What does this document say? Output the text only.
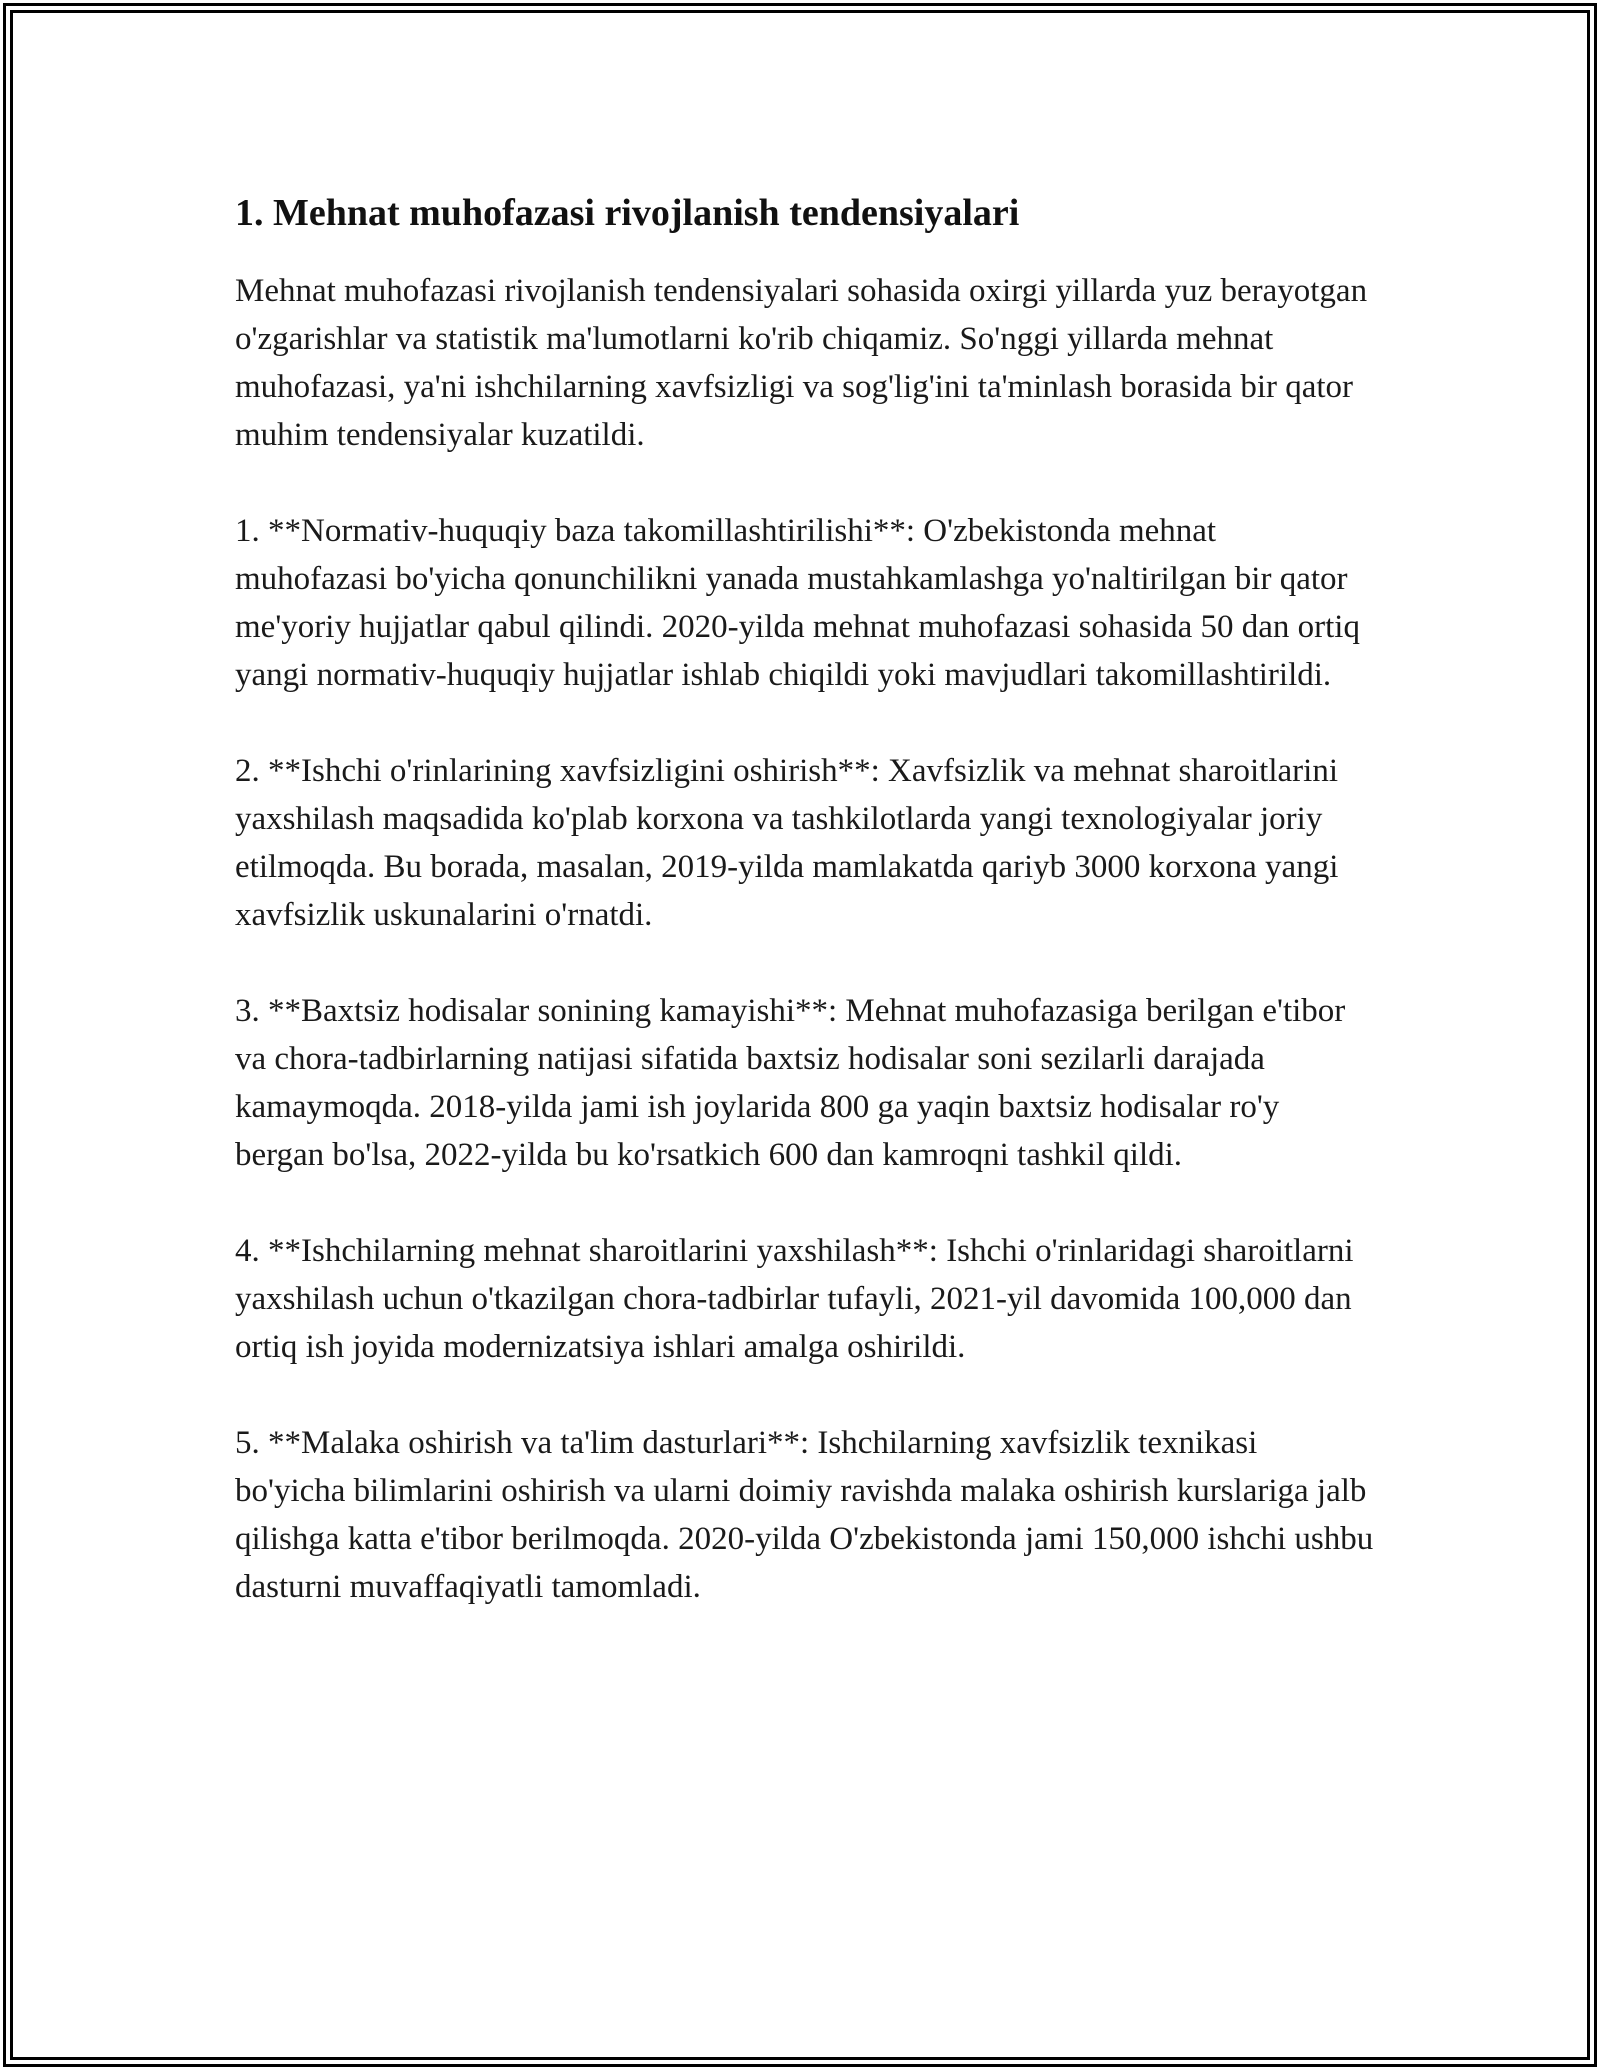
1. Mehnat muhofazasi rivojlanish tendensiyalari

Mehnat muhofazasi rivojlanish tendensiyalari sohasida oxirgi yillarda yuz berayotgan o'zgarishlar va statistik ma'lumotlarni ko'rib chiqamiz. So'nggi yillarda mehnat muhofazasi, ya'ni ishchilarning xavfsizligi va sog'lig'ini ta'minlash borasida bir qator muhim tendensiyalar kuzatildi.

1. **Normativ-huquqiy baza takomillashtirilishi**: O'zbekistonda mehnat muhofazasi bo'yicha qonunchilikni yanada mustahkamlashga yo'naltirilgan bir qator me'yoriy hujjatlar qabul qilindi. 2020-yilda mehnat muhofazasi sohasida 50 dan ortiq yangi normativ-huquqiy hujjatlar ishlab chiqildi yoki mavjudlari takomillashtirildi.

2. **Ishchi o'rinlarining xavfsizligini oshirish**: Xavfsizlik va mehnat sharoitlarini yaxshilash maqsadida ko'plab korxona va tashkilotlarda yangi texnologiyalar joriy etilmoqda. Bu borada, masalan, 2019-yilda mamlakatda qariyb 3000 korxona yangi xavfsizlik uskunalarini o'rnatdi.

3. **Baxtsiz hodisalar sonining kamayishi**: Mehnat muhofazasiga berilgan e'tibor va chora-tadbirlarning natijasi sifatida baxtsiz hodisalar soni sezilarli darajada kamaymoqda. 2018-yilda jami ish joylarida 800 ga yaqin baxtsiz hodisalar ro'y bergan bo'lsa, 2022-yilda bu ko'rsatkich 600 dan kamroqni tashkil qildi.

4. **Ishchilarning mehnat sharoitlarini yaxshilash**: Ishchi o'rinlaridagi sharoitlarni yaxshilash uchun o'tkazilgan chora-tadbirlar tufayli, 2021-yil davomida 100,000 dan ortiq ish joyida modernizatsiya ishlari amalga oshirildi.

5. **Malaka oshirish va ta'lim dasturlari**: Ishchilarning xavfsizlik texnikasi bo'yicha bilimlarini oshirish va ularni doimiy ravishda malaka oshirish kurslariga jalb qilishga katta e'tibor berilmoqda. 2020-yilda O'zbekistonda jami 150,000 ishchi ushbu dasturni muvaffaqiyatli tamomladi.
